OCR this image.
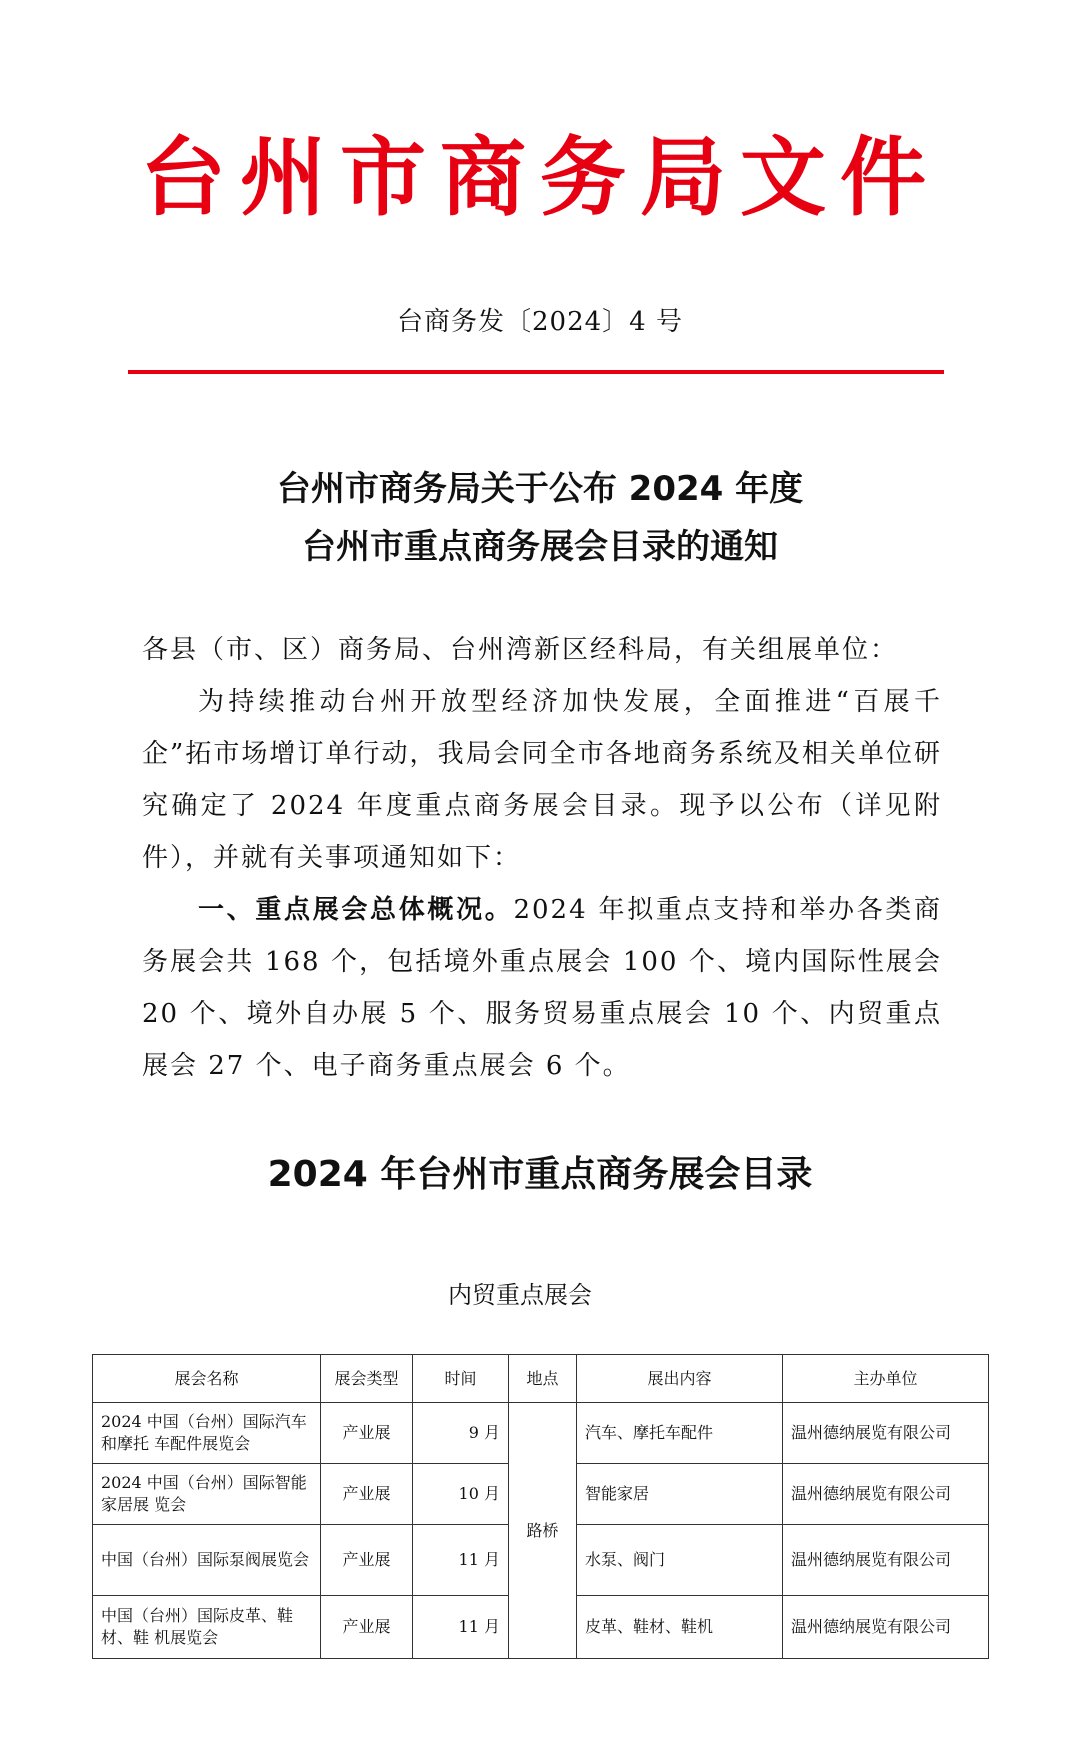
台州市商务局文件
台商务发〔2024〕4 号
台州市商务局关于公布 2024 年度
台州市重点商务展会目录的通知

各县（市、区）商务局、台州湾新区经科局，有关组展单位：

为持续推动台州开放型经济加快发展，全面推进“百展千企”拓市场增订单行动，我局会同全市各地商务系统及相关单位研究确定了 2024 年度重点商务展会目录。现予以公布（详见附件），并就有关事项通知如下：

一、重点展会总体概况。2024 年拟重点支持和举办各类商务展会共 168 个，包括境外重点展会 100 个、境内国际性展会 20 个、境外自办展 5 个、服务贸易重点展会 10 个、内贸重点展会 27 个、电子商务重点展会 6 个。

2024 年台州市重点商务展会目录
内贸重点展会
展会名称	展会类型	时间	地点	展出内容	主办单位
2024 中国（台州）国际汽车和摩托 车配件展览会	产业展	9 月	路桥	汽车、摩托车配件	温州德纳展览有限公司
2024 中国（台州）国际智能家居展 览会	产业展	10 月		智能家居	温州德纳展览有限公司
中国（台州）国际泵阀展览会	产业展	11 月		水泵、阀门	温州德纳展览有限公司
中国（台州）国际皮革、鞋材、鞋 机展览会	产业展	11 月		皮革、鞋材、鞋机	温州德纳展览有限公司
